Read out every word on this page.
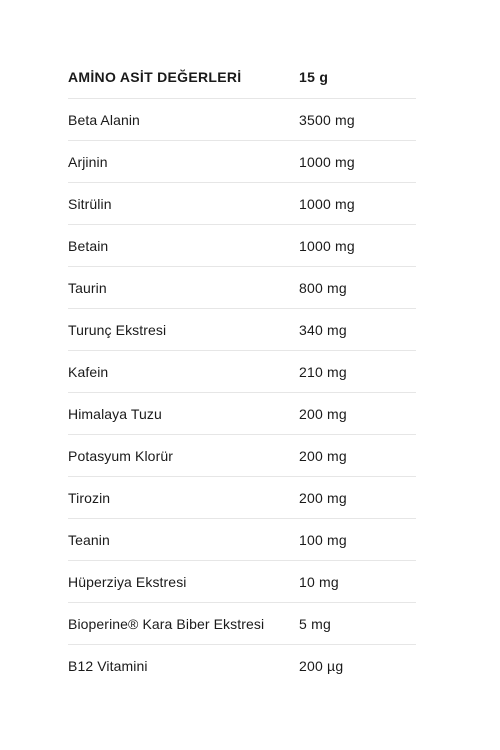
AMİNO ASİT DEĞERLERİ	15 g
Beta Alanin	3500 mg
Arjinin	1000 mg
Sitrülin	1000 mg
Betain	1000 mg
Taurin	800 mg
Turunç Ekstresi	340 mg
Kafein	210 mg
Himalaya Tuzu	200 mg
Potasyum Klorür	200 mg
Tirozin	200 mg
Teanin	100 mg
Hüperziya Ekstresi	10 mg
Bioperine® Kara Biber Ekstresi	5 mg
B12 Vitamini	200 µg
